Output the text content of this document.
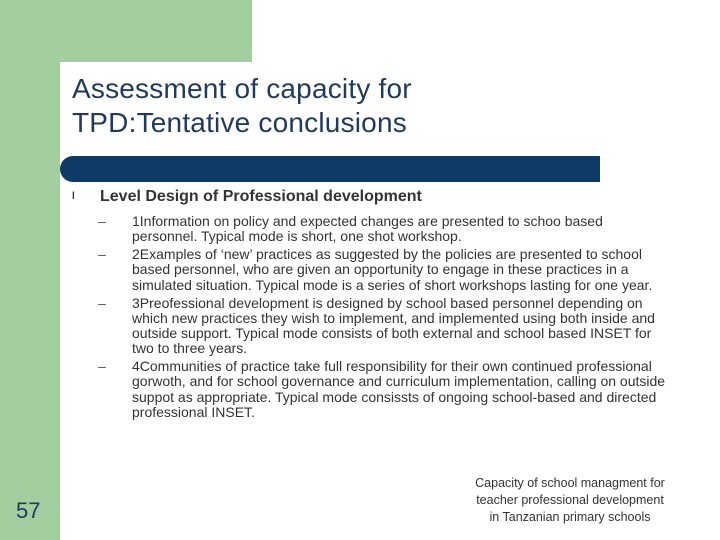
Assessment of capacity for
TPD:Tentative conclusions
l	Level Design of Professional development
–	1Information on policy and expected changes are presented to schoo based personnel. Typical mode is short, one shot workshop.
–	2Examples of ‘new’ practices as suggested by the policies are presented to school based personnel, who are given an opportunity to engage in these practices in a simulated situation. Typical mode is a series of short workshops lasting for one year.
–	3Preofessional development is designed by school based personnel depending on which new practices they wish to implement, and implemented using both inside and outside support. Typical mode consists of both external and school based INSET for two to three years.
–	4Communities of practice take full responsibility for their own continued professional gorwoth, and for school governance and curriculum implementation, calling on outside suppot as appropriate. Typical mode consissts of ongoing school-based and directed professional INSET.
57
Capacity of school managment for
teacher professional development
in Tanzanian primary schools
